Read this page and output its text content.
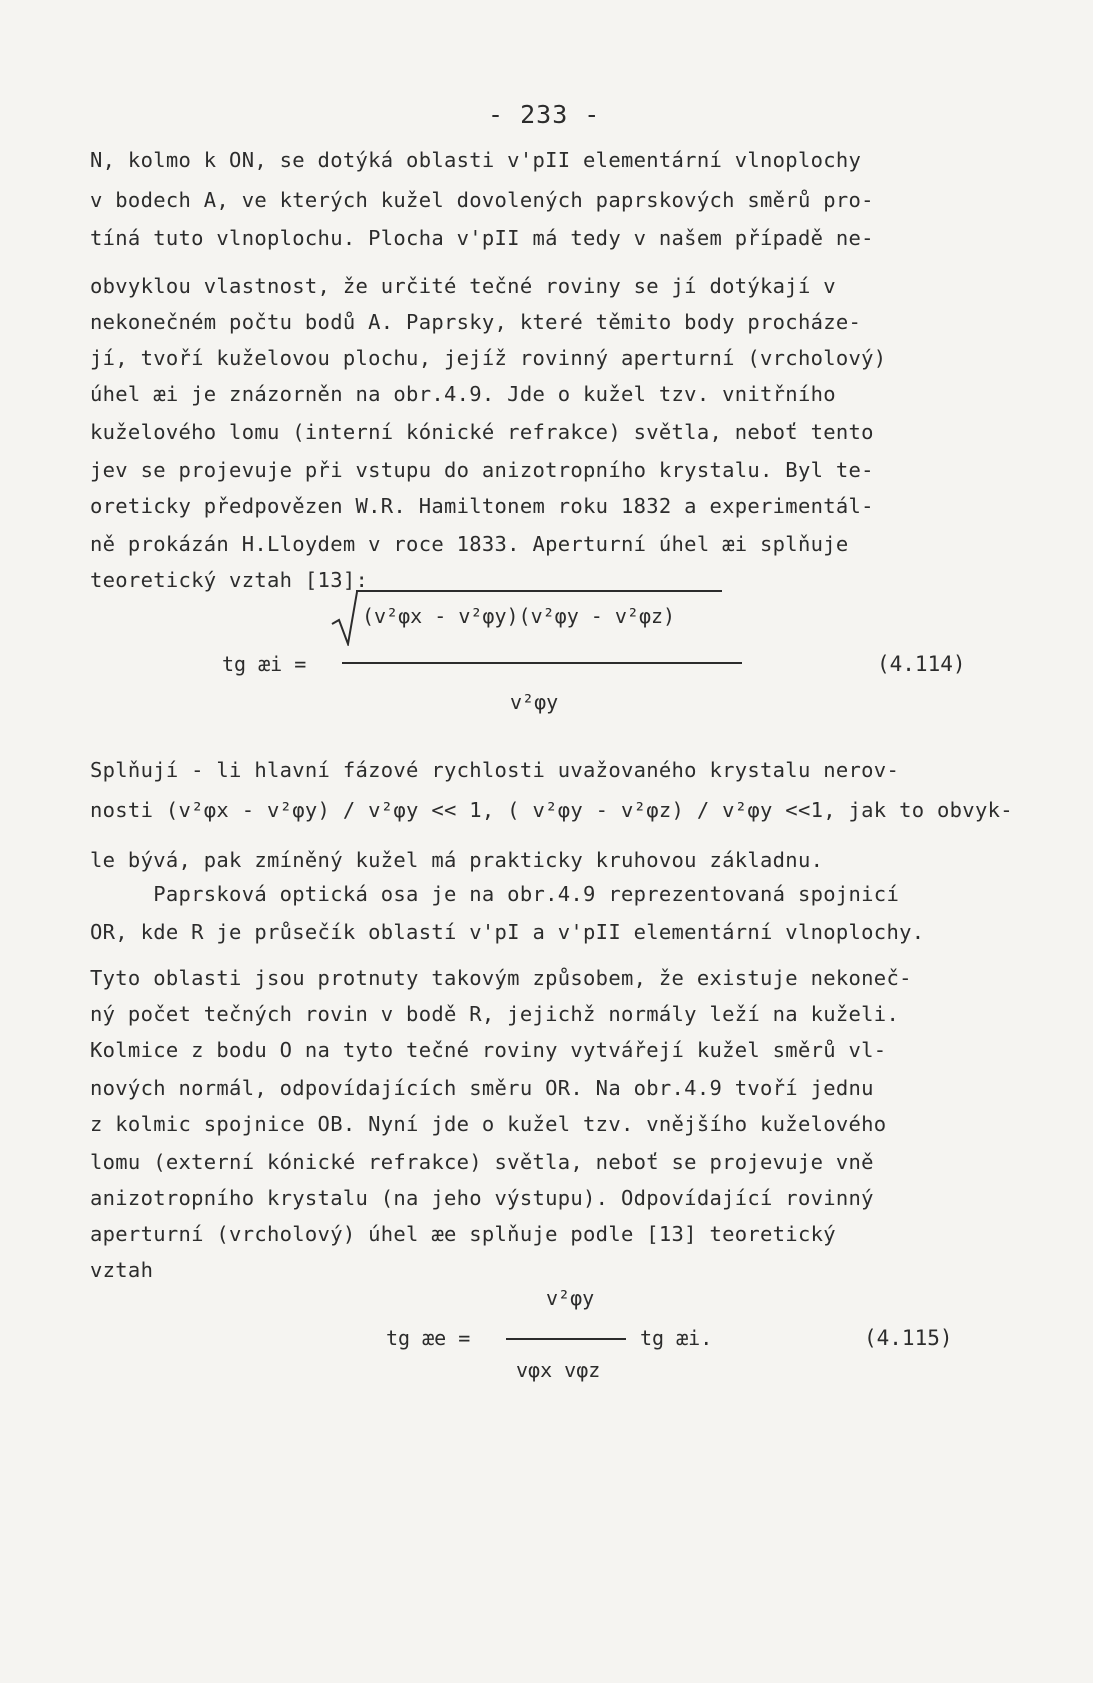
- 233 -
N, kolmo k ON, se dotýká oblasti v'pII elementární vlnoplochy
v bodech A, ve kterých kužel dovolených paprskových směrů pro-
tíná tuto vlnoplochu. Plocha v'pII má tedy v našem případě ne-
obvyklou vlastnost, že určité tečné roviny se jí dotýkají v
nekonečném počtu bodů A. Paprsky, které těmito body procháze-
jí, tvoří kuželovou plochu, jejíž rovinný aperturní (vrcholový)
úhel æi je znázorněn na obr.4.9. Jde o kužel tzv. vnitřního
kuželového lomu (interní kónické refrakce) světla, neboť tento
jev se projevuje při vstupu do anizotropního krystalu. Byl te-
oreticky předpovězen W.R. Hamiltonem roku 1832 a experimentál-
ně prokázán H.Lloydem v roce 1833. Aperturní úhel æi splňuje
teoretický vztah [13]:
tg æi =
(v²φx - v²φy)(v²φy - v²φz)
v²φy
(4.114)
Splňují - li hlavní fázové rychlosti uvažovaného krystalu nerov-
nosti (v²φx - v²φy) / v²φy << 1, ( v²φy - v²φz) / v²φy <<1, jak to obvyk-
le bývá, pak zmíněný kužel má prakticky kruhovou základnu.
Paprsková optická osa je na obr.4.9 reprezentovaná spojnicí
OR, kde R je průsečík oblastí v'pI a v'pII elementární vlnoplochy.
Tyto oblasti jsou protnuty takovým způsobem, že existuje nekoneč-
ný počet tečných rovin v bodě R, jejichž normály leží na kuželi.
Kolmice z bodu O na tyto tečné roviny vytvářejí kužel směrů vl-
nových normál, odpovídajících směru OR. Na obr.4.9 tvoří jednu
z kolmic spojnice OB. Nyní jde o kužel tzv. vnějšího kuželového
lomu (externí kónické refrakce) světla, neboť se projevuje vně
anizotropního krystalu (na jeho výstupu). Odpovídající rovinný
aperturní (vrcholový) úhel æe splňuje podle [13] teoretický
vztah
tg æe =
v²φy
vφx vφz
tg æi.	(4.115)
